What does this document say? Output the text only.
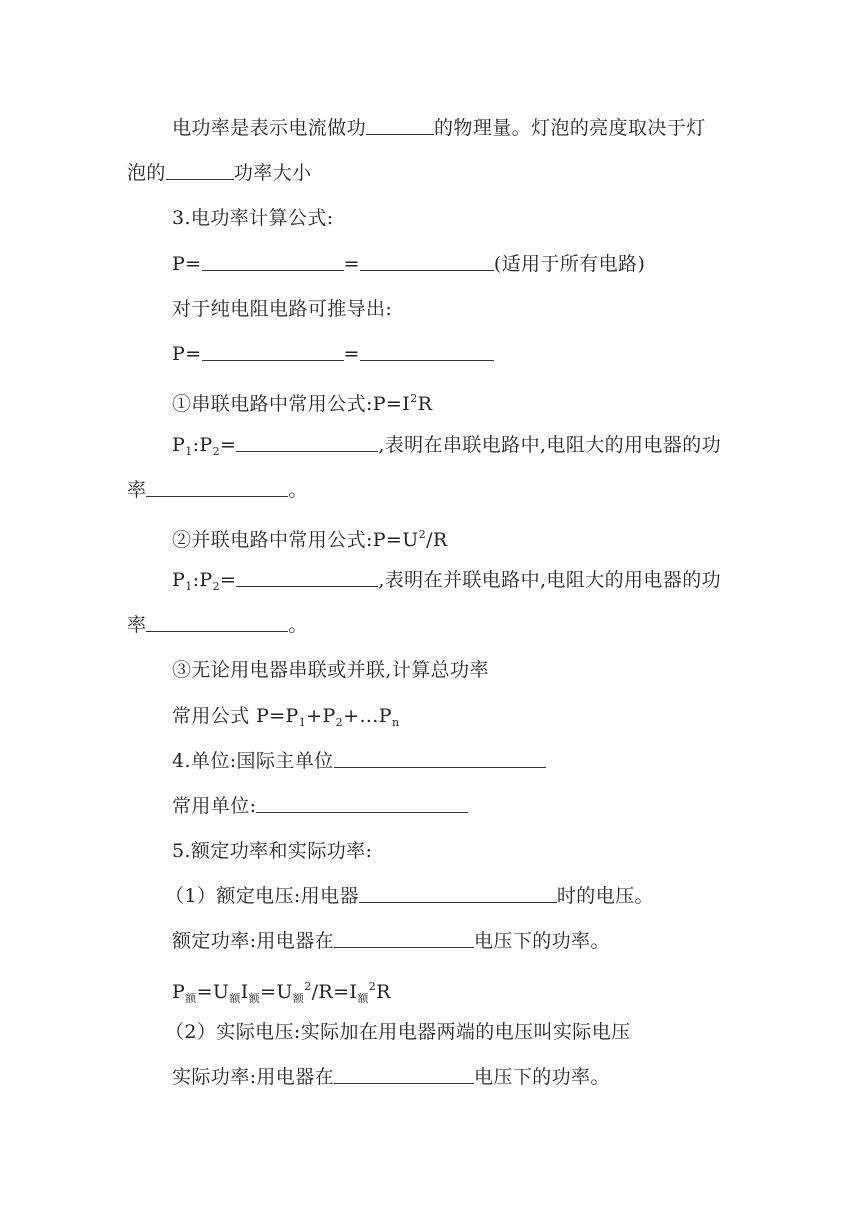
电功率是表示电流做功	的物理量。灯泡的亮度取决于灯
泡的	功率大小
3.电功率计算公式:
P=	=	(适用于所有电路)
对于纯电阻电路可推导出:
P=	=
①串联电路中常用公式$:P=I^2R$
$P_1:P_2=$	,表明在串联电路中,电阻大的用电器的功
率	。
②并联电路中常用公式$:P=U^2/R$
$P_1:P_2=$	,表明在并联电路中,电阻大的用电器的功
率	。
③无论用电器串联或并联,计算总功率
常用公式 $P=P_1+P_2+\dots P_n$
4.单位:国际主单位
常用单位:
5.额定功率和实际功率:
（1）额定电压:用电器	时的电压。
额定功率:用电器在	电压下的功率。
$P_额=U_额I_额=U_额^2/R=I_额^2R$
（2）实际电压:实际加在用电器两端的电压叫实际电压
实际功率:用电器在	电压下的功率。
